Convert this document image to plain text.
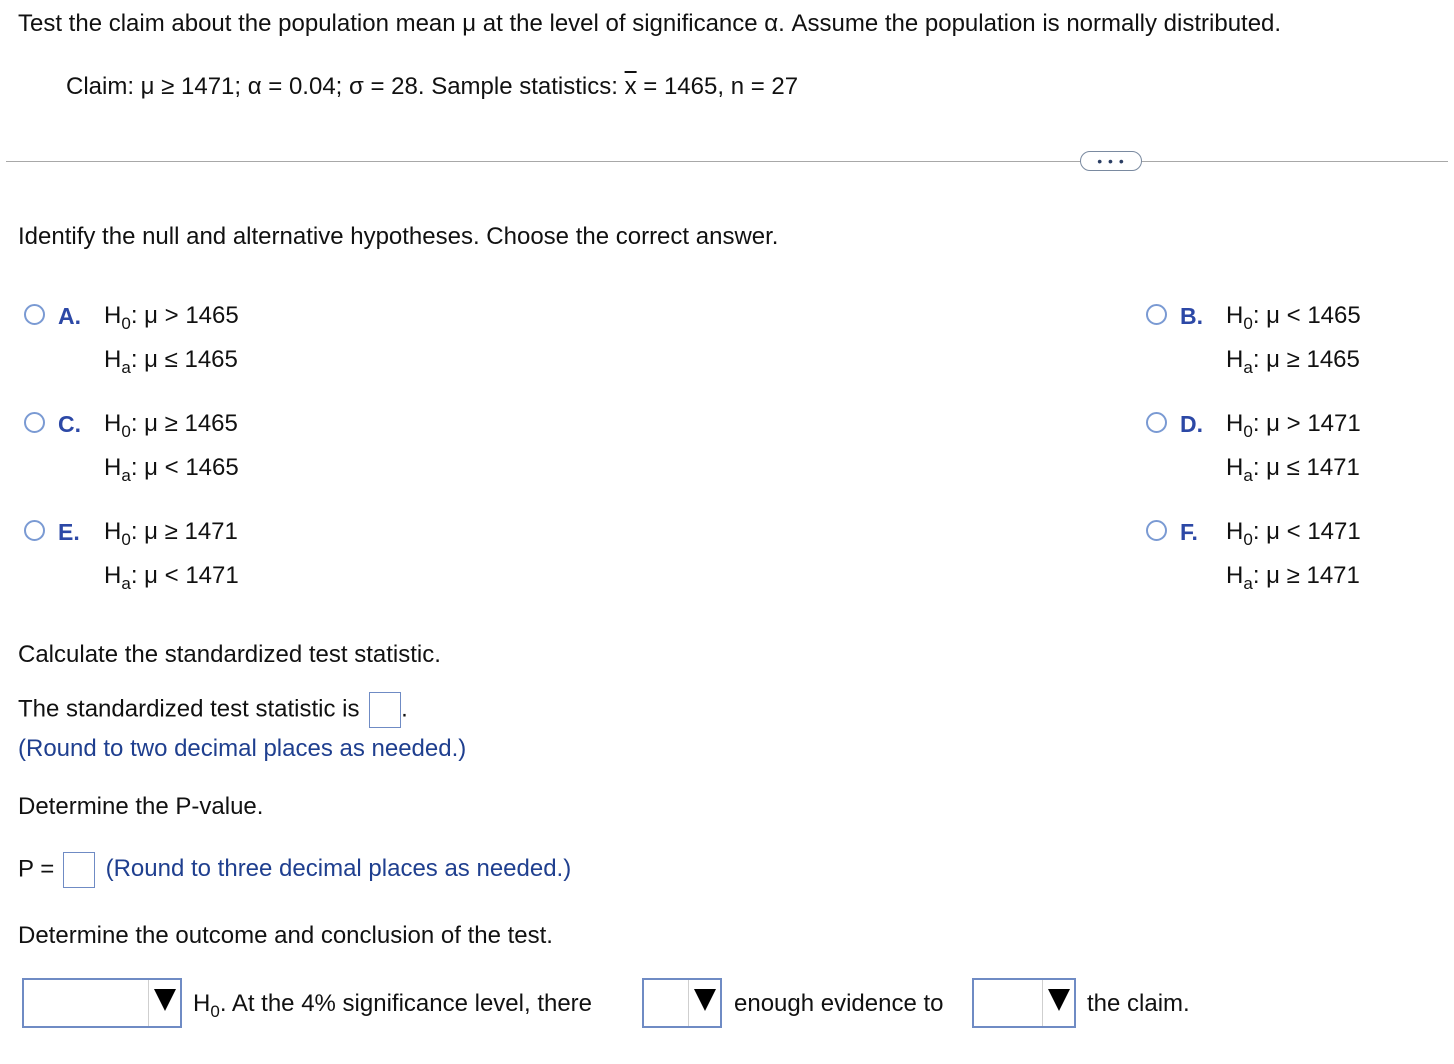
Test the claim about the population mean μ at the level of significance α. Assume the population is normally distributed.
Claim: μ ≥ 1471; α = 0.04; σ = 28. Sample statistics: $\overline{x} = 1465$, n = 27
• • •
Identify the null and alternative hypotheses. Choose the correct answer.
A. $H_0$: μ > 1465
$H_a$: μ ≤ 1465
B. $H_0$: μ < 1465
$H_a$: μ ≥ 1465
C. $H_0$: μ ≥ 1465
$H_a$: μ < 1465
D. $H_0$: μ > 1471
$H_a$: μ ≤ 1471
E.	$H_0$: μ ≥ 1471
$H_a$: μ < 1471
F.	$H_0$: μ < 1471
$H_a$: μ ≥ 1471
Calculate the standardized test statistic.
The standardized test statistic is .
(Round to two decimal places as needed.)
Determine the P-value.
P = (Round to three decimal places as needed.)
Determine the outcome and conclusion of the test.
$H_0$. At the 4% significance level, there	enough evidence to	the claim.
